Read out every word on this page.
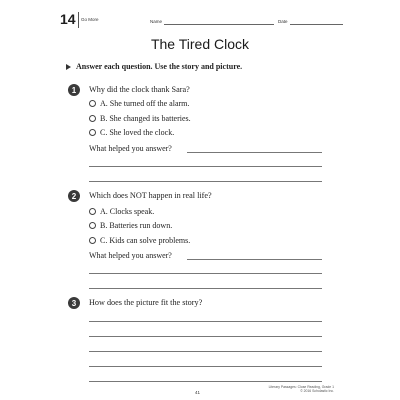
14 Go More	Name	Date
The Tired Clock
Answer each question. Use the story and picture.
1 Why did the clock thank Sara?
A. She turned off the alarm.
B. She changed its batteries.
C. She loved the clock.
What helped you answer?
2 Which does NOT happen in real life?
A. Clocks speak.
B. Batteries run down.
C. Kids can solve problems.
What helped you answer?
3 How does the picture fit the story?
41
Literary Passages: Close Reading, Grade 1
© 2016 Scholastic Inc.
